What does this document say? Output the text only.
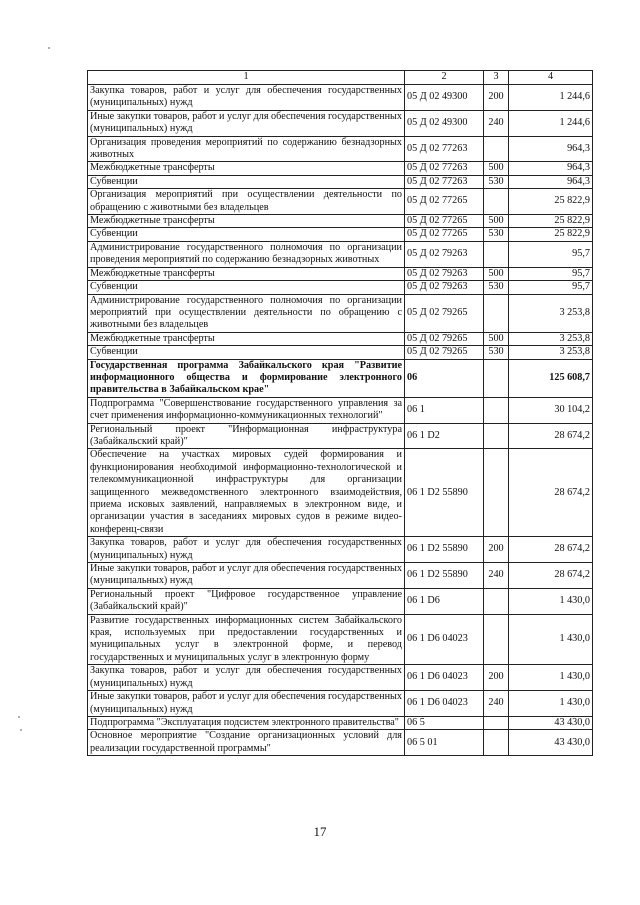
1	2	3	4
Закупка товаров, работ и услуг для обеспечения государственных (муниципальных) нужд	05 Д 02 49300	200	1 244,6
Иные закупки товаров, работ и услуг для обеспечения государственных (муниципальных) нужд	05 Д 02 49300	240	1 244,6
Организация проведения мероприятий по содержанию безнадзорных животных	05 Д 02 77263		964,3
Межбюджетные трансферты	05 Д 02 77263	500	964,3
Субвенции	05 Д 02 77263	530	964,3
Организация мероприятий при осуществлении деятельности по обращению с животными без владельцев	05 Д 02 77265		25 822,9
Межбюджетные трансферты	05 Д 02 77265	500	25 822,9
Субвенции	05 Д 02 77265	530	25 822,9
Администрирование государственного полномочия по организации проведения мероприятий по содержанию безнадзорных животных	05 Д 02 79263		95,7
Межбюджетные трансферты	05 Д 02 79263	500	95,7
Субвенции	05 Д 02 79263	530	95,7
Администрирование государственного полномочия по организации мероприятий при осуществлении деятельности по обращению с животными без владельцев	05 Д 02 79265		3 253,8
Межбюджетные трансферты	05 Д 02 79265	500	3 253,8
Субвенции	05 Д 02 79265	530	3 253,8
Государственная программа Забайкальского края "Развитие информационного общества и формирование электронного правительства в Забайкальском крае"	06		125 608,7
Подпрограмма "Совершенствование государственного управления за счет применения информационно-коммуникационных технологий"	06 1		30 104,2
Региональный проект "Информационная инфраструктура (Забайкальский край)"	06 1 D2		28 674,2
Обеспечение на участках мировых судей формирования и функционирования необходимой информационно-технологической и телекоммуникационной инфраструктуры для организации защищенного межведомственного электронного взаимодействия, приема исковых заявлений, направляемых в электронном виде, и организации участия в заседаниях мировых судов в режиме видео-конференц-связи	06 1 D2 55890		28 674,2
Закупка товаров, работ и услуг для обеспечения государственных (муниципальных) нужд	06 1 D2 55890	200	28 674,2
Иные закупки товаров, работ и услуг для обеспечения государственных (муниципальных) нужд	06 1 D2 55890	240	28 674,2
Региональный проект "Цифровое государственное управление (Забайкальский край)"	06 1 D6		1 430,0
Развитие государственных информационных систем Забайкальского края, используемых при предоставлении государственных и муниципальных услуг в электронной форме, и перевод государственных и муниципальных услуг в электронную форму	06 1 D6 04023		1 430,0
Закупка товаров, работ и услуг для обеспечения государственных (муниципальных) нужд	06 1 D6 04023	200	1 430,0
Иные закупки товаров, работ и услуг для обеспечения государственных (муниципальных) нужд	06 1 D6 04023	240	1 430,0
Подпрограмма "Эксплуатация подсистем электронного правительства"	06 5		43 430,0
Основное мероприятие "Создание организационных условий для реализации государственной программы"	06 5 01		43 430,0
17
